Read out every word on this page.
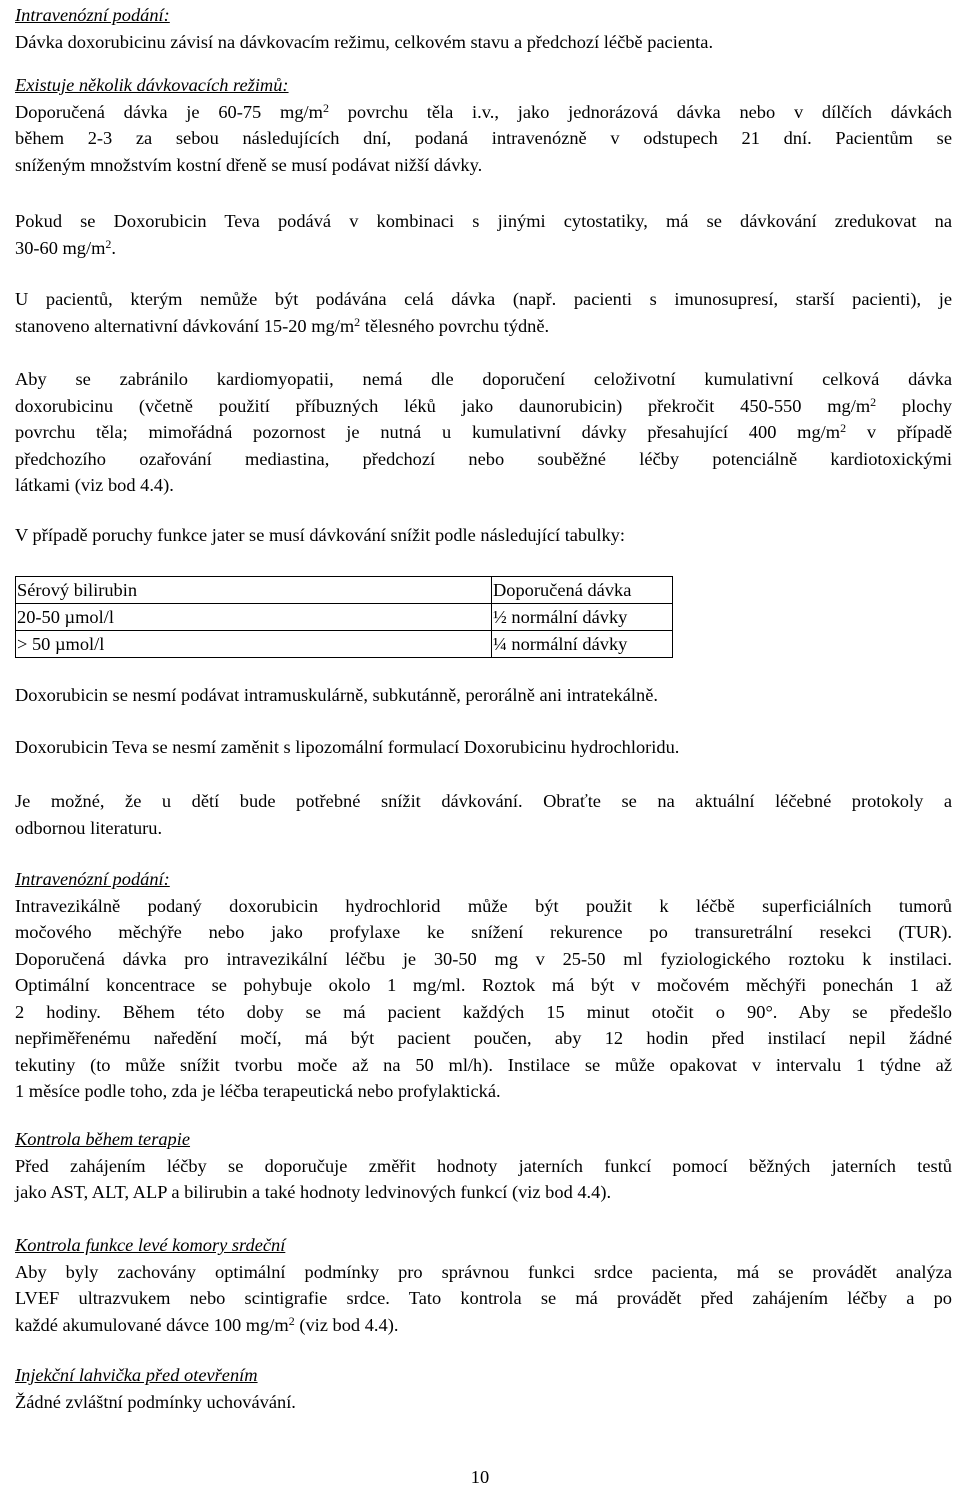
Intravenózní podání:
Dávka doxorubicinu závisí na dávkovacím režimu, celkovém stavu a předchozí léčbě pacienta.
Existuje několik dávkovacích režimů:
Doporučená dávka je 60-75 $mg/m^2$ povrchu těla i.v., jako jednorázová dávka nebo v dílčích dávkách
během 2-3 za sebou následujících dní, podaná intravenózně v odstupech 21 dní. Pacientům se
sníženým množstvím kostní dřeně se musí podávat nižší dávky.
Pokud se Doxorubicin Teva podává v kombinaci s jinými cytostatiky, má se dávkování zredukovat na
30-60 $mg/m^2$.
U pacientů, kterým nemůže být podávána celá dávka (např. pacienti s imunosupresí, starší pacienti), je
stanoveno alternativní dávkování 15-20 $mg/m^2$ tělesného povrchu týdně.
Aby se zabránilo kardiomyopatii, nemá dle doporučení celoživotní kumulativní celková dávka
doxorubicinu (včetně použití příbuzných léků jako daunorubicin) překročit 450-550 $mg/m^2$ plochy
povrchu těla; mimořádná pozornost je nutná u kumulativní dávky přesahující 400 $mg/m^2$ v případě
předchozího ozařování mediastina, předchozí nebo souběžné léčby potenciálně kardiotoxickými
látkami (viz bod 4.4).
V případě poruchy funkce jater se musí dávkování snížit podle následující tabulky:
Sérový bilirubin	Doporučená dávka
20-50 µmol/l	½ normální dávky
> 50 µmol/l	¼ normální dávky
Doxorubicin se nesmí podávat intramuskulárně, subkutánně, perorálně ani intratekálně.
Doxorubicin Teva se nesmí zaměnit s lipozomální formulací Doxorubicinu hydrochloridu.
Je možné, že u dětí bude potřebné snížit dávkování. Obraťte se na aktuální léčebné protokoly a
odbornou literaturu.
Intravenózní podání:
Intravezikálně podaný doxorubicin hydrochlorid může být použit k léčbě superficiálních tumorů
močového měchýře nebo jako profylaxe ke snížení rekurence po transuretrální resekci (TUR).
Doporučená dávka pro intravezikální léčbu je 30-50 mg v 25-50 ml fyziologického roztoku k instilaci.
Optimální koncentrace se pohybuje okolo 1 mg/ml. Roztok má být v močovém měchýři ponechán 1 až
2 hodiny. Během této doby se má pacient každých 15 minut otočit o 90°. Aby se předešlo
nepřiměřenému naředění močí, má být pacient poučen, aby 12 hodin před instilací nepil žádné
tekutiny (to může snížit tvorbu moče až na 50 ml/h). Instilace se může opakovat v intervalu 1 týdne až
1 měsíce podle toho, zda je léčba terapeutická nebo profylaktická.
Kontrola během terapie
Před zahájením léčby se doporučuje změřit hodnoty jaterních funkcí pomocí běžných jaterních testů
jako AST, ALT, ALP a bilirubin a také hodnoty ledvinových funkcí (viz bod 4.4).
Kontrola funkce levé komory srdeční
Aby byly zachovány optimální podmínky pro správnou funkci srdce pacienta, má se provádět analýza
LVEF ultrazvukem nebo scintigrafie srdce. Tato kontrola se má provádět před zahájením léčby a po
každé akumulované dávce 100 $mg/m^2$ (viz bod 4.4).
Injekční lahvička před otevřením
Žádné zvláštní podmínky uchovávání.
10
